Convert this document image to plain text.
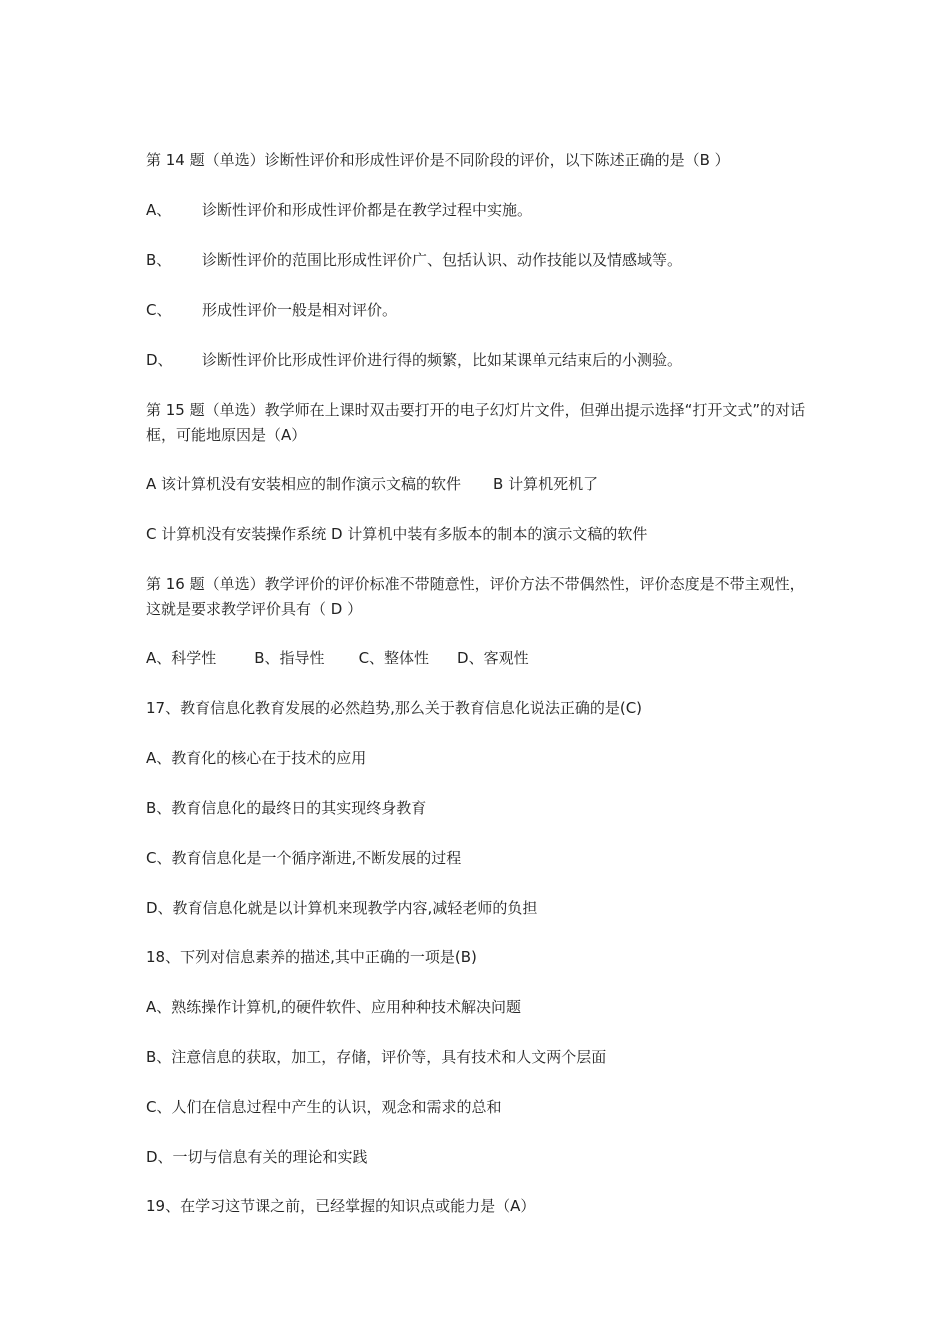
第 14 题（单选）诊断性评价和形成性评价是不同阶段的评价，以下陈述正确的是（B ）
A、 诊断性评价和形成性评价都是在教学过程中实施。
B、 诊断性评价的范围比形成性评价广、包括认识、动作技能以及情感域等。
C、 形成性评价一般是相对评价。
D、 诊断性评价比形成性评价进行得的频繁，比如某课单元结束后的小测验。
第 15 题（单选）教学师在上课时双击要打开的电子幻灯片文件，但弹出提示选择“打开文式”的对话框，可能地原因是（A）
A 该计算机没有安装相应的制作演示文稿的软件 B 计算机死机了
C 计算机没有安装操作系统 D 计算机中装有多版本的制本的演示文稿的软件
第 16 题（单选）教学评价的评价标准不带随意性，评价方法不带偶然性，评价态度是不带主观性，这就是要求教学评价具有（ D ）
A、科学性	B、指导性 C、整体性 D、客观性
17、教育信息化教育发展的必然趋势,那么关于教育信息化说法正确的是(C)
A、教育化的核心在于技术的应用
B、教育信息化的最终日的其实现终身教育
C、教育信息化是一个循序渐进,不断发展的过程
D、教育信息化就是以计算机来现教学内容,减轻老师的负担
18、下列对信息素养的描述,其中正确的一项是(B)
A、熟练操作计算机,的硬件软件、应用种种技术解决问题
B、注意信息的获取，加工，存储，评价等，具有技术和人文两个层面
C、人们在信息过程中产生的认识，观念和需求的总和
D、一切与信息有关的理论和实践
19、在学习这节课之前，已经掌握的知识点或能力是（A）
